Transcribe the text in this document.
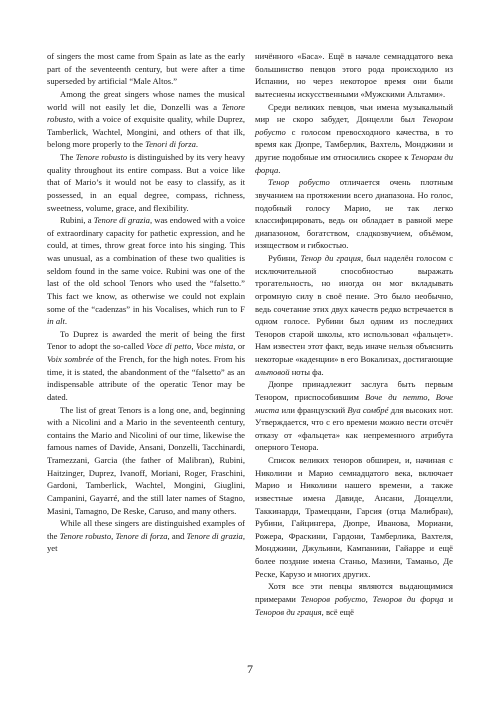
of singers the most came from Spain as late as the early part of the seventeenth century, but were after a time superseded by artificial “Male Altos.”

Among the great singers whose names the musical world will not easily let die, Donzelli was a Tenore robusto, with a voice of exquisite quality, while Duprez, Tamberlick, Wachtel, Mongini, and others of that ilk, belong more properly to the Tenori di forza.

The Tenore robusto is distinguished by its very heavy quality throughout its entire compass. But a voice like that of Mario’s it would not be easy to classify, as it possessed, in an equal degree, compass, richness, sweetness, volume, grace, and flexibility.

Rubini, a Tenore di grazia, was endowed with a voice of extraordinary capacity for pathetic expression, and he could, at times, throw great force into his singing. This was unusual, as a combination of these two qualities is seldom found in the same voice. Rubini was one of the last of the old school Tenors who used the “falsetto.” This fact we know, as otherwise we could not explain some of the “cadenzas” in his Vocalises, which run to F in alt.

To Duprez is awarded the merit of being the first Tenor to adopt the so-called Voce di petto, Voce mista, or Voix sombrée of the French, for the high notes. From his time, it is stated, the abandonment of the “falsetto” as an indispensable attribute of the operatic Tenor may be dated.

The list of great Tenors is a long one, and, beginning with a Nicolini and a Mario in the seventeenth century, contains the Mario and Nicolini of our time, likewise the famous names of Davide, Ansani, Donzelli, Tacchinardi, Tramezzani, Garcia (the father of Malibran), Rubini, Haitzinger, Duprez, Ivanoff, Moriani, Roger, Fraschini, Gardoni, Tamberlick, Wachtel, Mongini, Giuglini, Campanini, Gayarré, and the still later names of Stagno, Masini, Tamagno, De Reske, Caruso, and many others.

While all these singers are distinguished examples of the Tenore robusto, Tenore di forza, and Tenore di grazia, yet

ничённого «Баса». Ещё в начале семнадцатого века большинство певцов этого рода происходило из Испании, но через некоторое время они были вытеснены искусственными «Мужскими Альтами».

Среди великих певцов, чьи имена музыкальный мир не скоро забудет, Донцелли был Тенором робусто с голосом превосходного качества, в то время как Дюпре, Тамберлик, Вахтель, Монджини и другие подобные им относились скорее к Тенорам ди форца.

Тенор робусто отличается очень плотным звучанием на протяжении всего диапазона. Но голос, подобный голосу Марио, не так легко классифицировать, ведь он обладает в равной мере диапазоном, богатством, сладкозвучием, объёмом, изяществом и гибкостью.

Рубини, Тенор ди грация, был наделён голосом с исключительной способностью выражать трогательность, но иногда он мог вкладывать огромную силу в своё пение. Это было необычно, ведь сочетание этих двух качеств редко встречается в одном голосе. Рубини был одним из последних Теноров старой школы, кто использовал «фальцет». Нам известен этот факт, ведь иначе нельзя объяснить некоторые «каденции» в его Вокализах, достигающие альтовой ноты фа.

Дюпре принадлежит заслуга быть первым Тенором, приспособившим Воче ди петто, Воче миста или французский Вуа сомбрé для высоких нот. Утверждается, что с его времени можно вести отсчёт отказу от «фальцета» как непременного атрибута оперного Тенора.

Список великих теноров обширен, и, начиная с Николини и Марио семнадцатого века, включает Марио и Николини нашего времени, а также известные имена Давиде, Ансани, Донцелли, Таккинарди, Трамеццани, Гарсия (отца Малибран), Рубини, Гайцингера, Дюпре, Иванова, Мориани, Рожера, Фраскини, Гардони, Тамберлика, Вахтеля, Монджини, Джульини, Кампанини, Гайарре и ещё более поздние имена Станьо, Мазини, Таманьо, Де Реске, Карузо и многих других.

Хотя все эти певцы являются выдающимися примерами Теноров робусто, Теноров ди форца и Теноров ди грация, всё ещё

7
